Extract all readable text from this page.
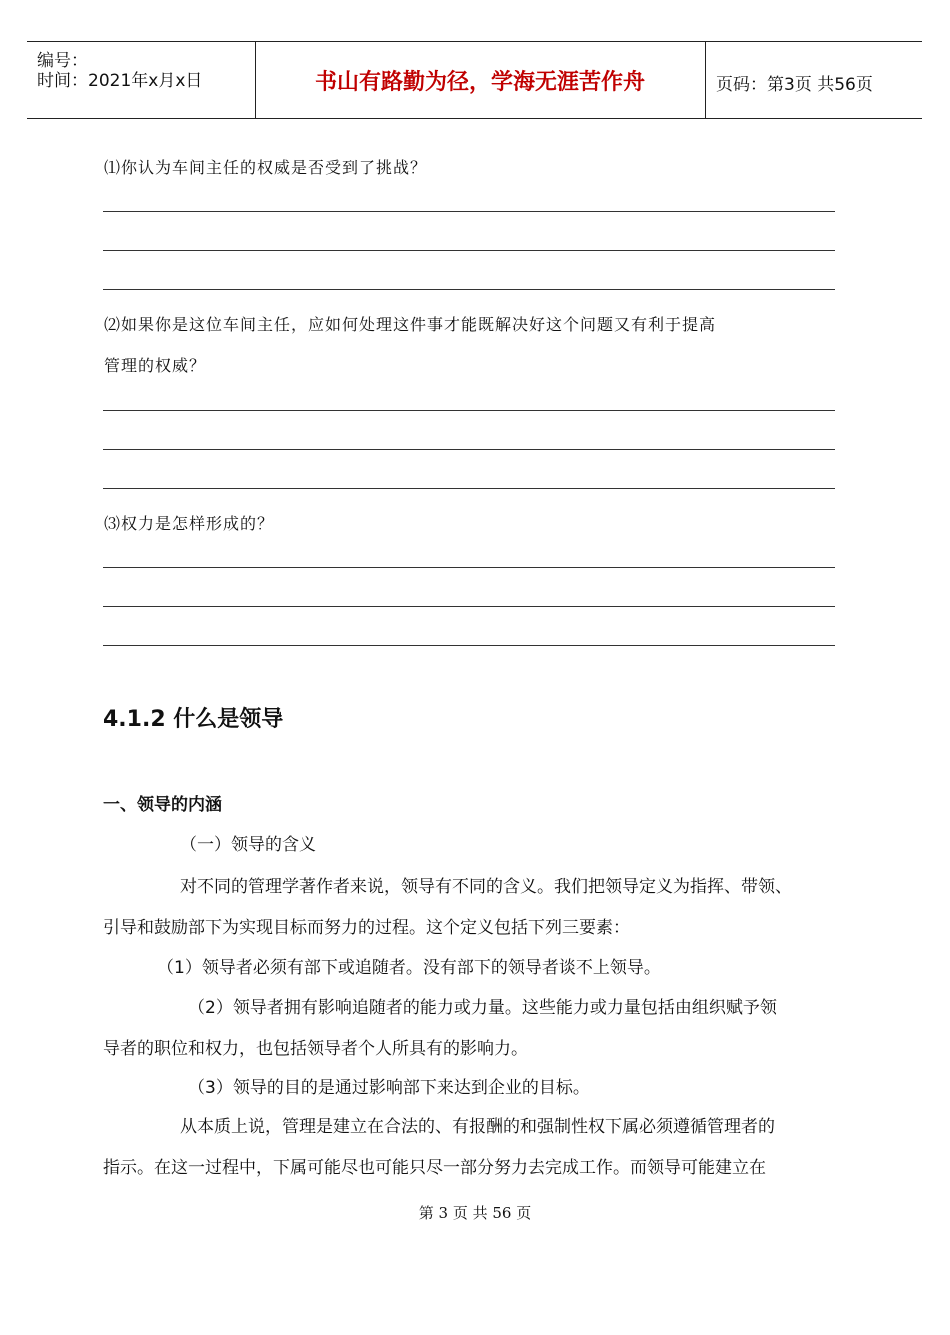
编号：
时间：2021年x月x日	书山有路勤为径，学海无涯苦作舟	页码：第3页 共56页
⑴你认为车间主任的权威是否受到了挑战？
⑵如果你是这位车间主任，应如何处理这件事才能既解决好这个问题又有利于提高
管理的权威？
⑶权力是怎样形成的？
4.1.2 什么是领导
一、领导的内涵
（一）领导的含义
对不同的管理学著作者来说，领导有不同的含义。我们把领导定义为指挥、带领、
引导和鼓励部下为实现目标而努力的过程。这个定义包括下列三要素：
（1）领导者必须有部下或追随者。没有部下的领导者谈不上领导。
（2）领导者拥有影响追随者的能力或力量。这些能力或力量包括由组织赋予领
导者的职位和权力，也包括领导者个人所具有的影响力。
（3）领导的目的是通过影响部下来达到企业的目标。
从本质上说，管理是建立在合法的、有报酬的和强制性权下属必须遵循管理者的
指示。在这一过程中，下属可能尽也可能只尽一部分努力去完成工作。而领导可能建立在
第 3 页 共 56 页
